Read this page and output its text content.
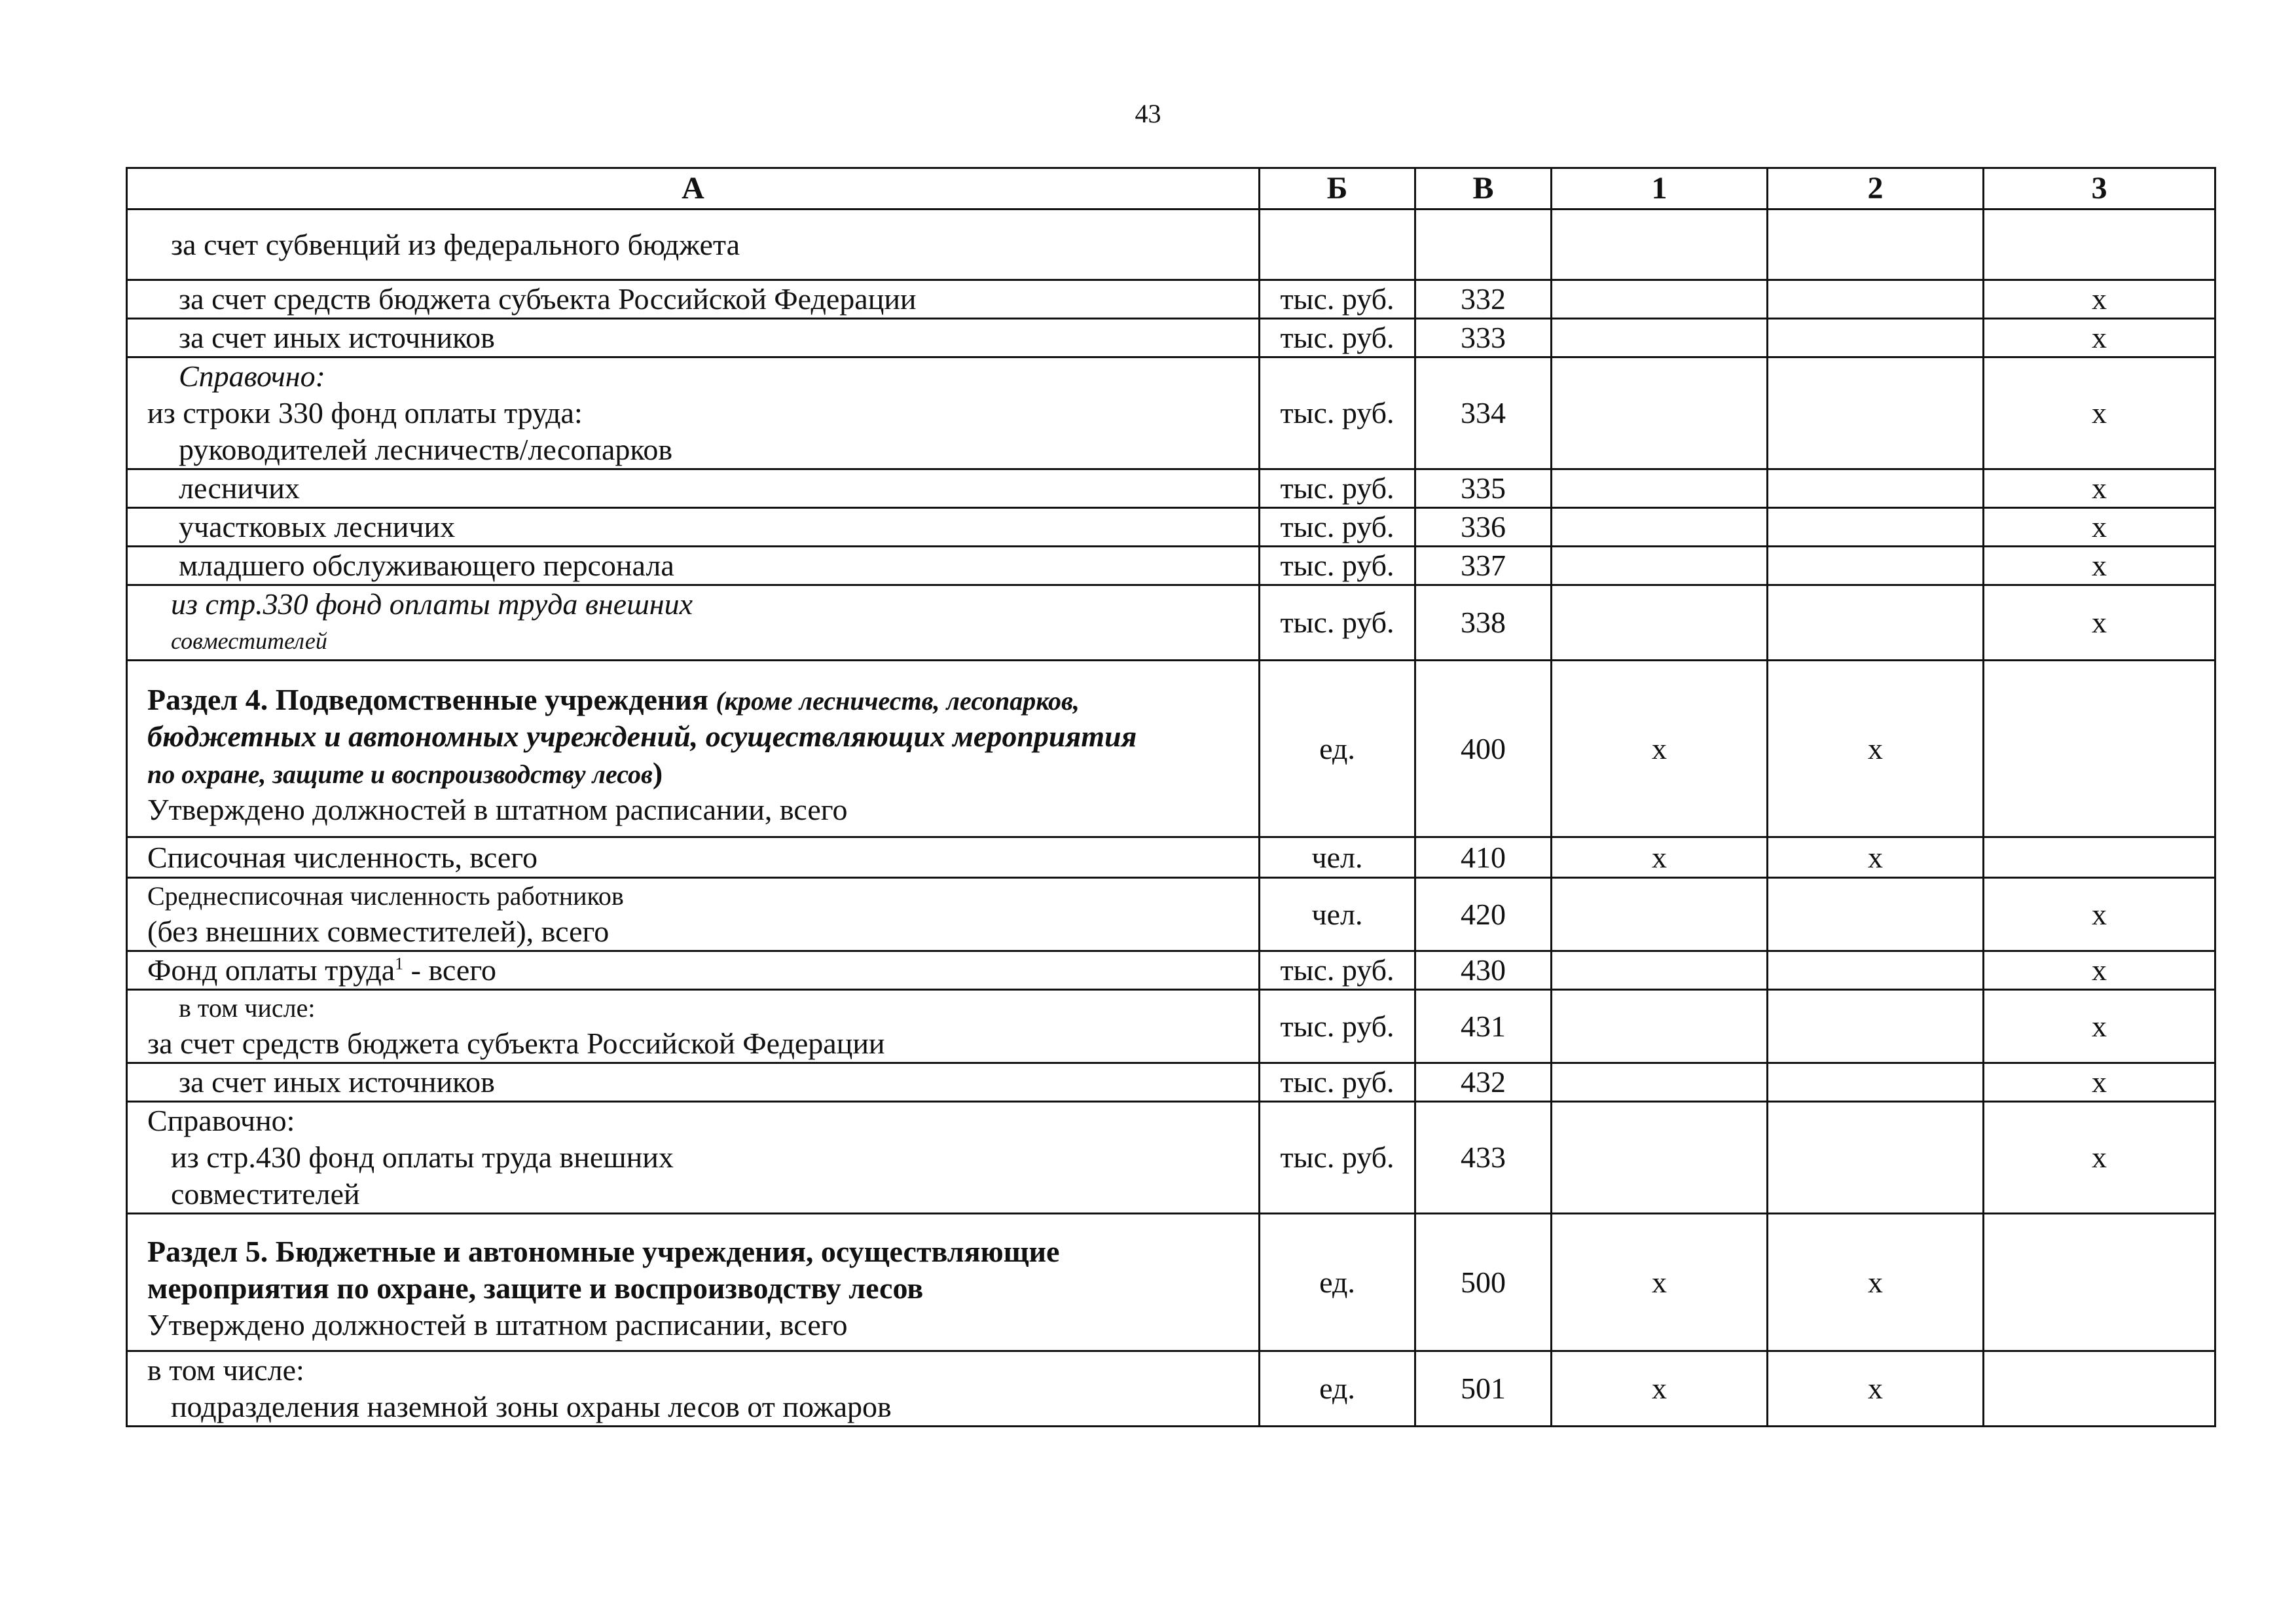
43
А	Б	В	1	2	3

за счет субвенций из федерального бюджета					

за счет средств бюджета субъекта Российской Федерации	тыс. руб.	332			x

за счет иных источников	тыс. руб.	333			x

Справочно:
из строки 330 фонд оплаты труда:
руководителей лесничеств/лесопарков	тыс. руб.	334			x

лесничих	тыс. руб.	335			x

участковых лесничих	тыс. руб.	336			x

младшего обслуживающего персонала	тыс. руб.	337			x

из стр.330 фонд оплаты труда внешних
совместителей	тыс. руб.	338			x

Раздел 4. Подведомственные учреждения (кроме лесничеств, лесопарков,
бюджетных и автономных учреждений, осуществляющих мероприятия
по охране, защите и воспроизводству лесов)
Утверждено должностей в штатном расписании, всего	ед.	400	x	x	

Списочная численность, всего	чел.	410	x	x	

Среднесписочная численность работников
(без внешних совместителей), всего	чел.	420			x

Фонд оплаты труда$^1$ - всего	тыс. руб.	430			x

в том числе:
за счет средств бюджета субъекта Российской Федерации	тыс. руб.	431			x

за счет иных источников	тыс. руб.	432			x

Справочно:
из стр.430 фонд оплаты труда внешних
совместителей	тыс. руб.	433			x

Раздел 5. Бюджетные и автономные учреждения, осуществляющие
мероприятия по охране, защите и воспроизводству лесов
Утверждено должностей в штатном расписании, всего	ед.	500	x	x	

в том числе:
подразделения наземной зоны охраны лесов от пожаров	ед.	501	x	x	
